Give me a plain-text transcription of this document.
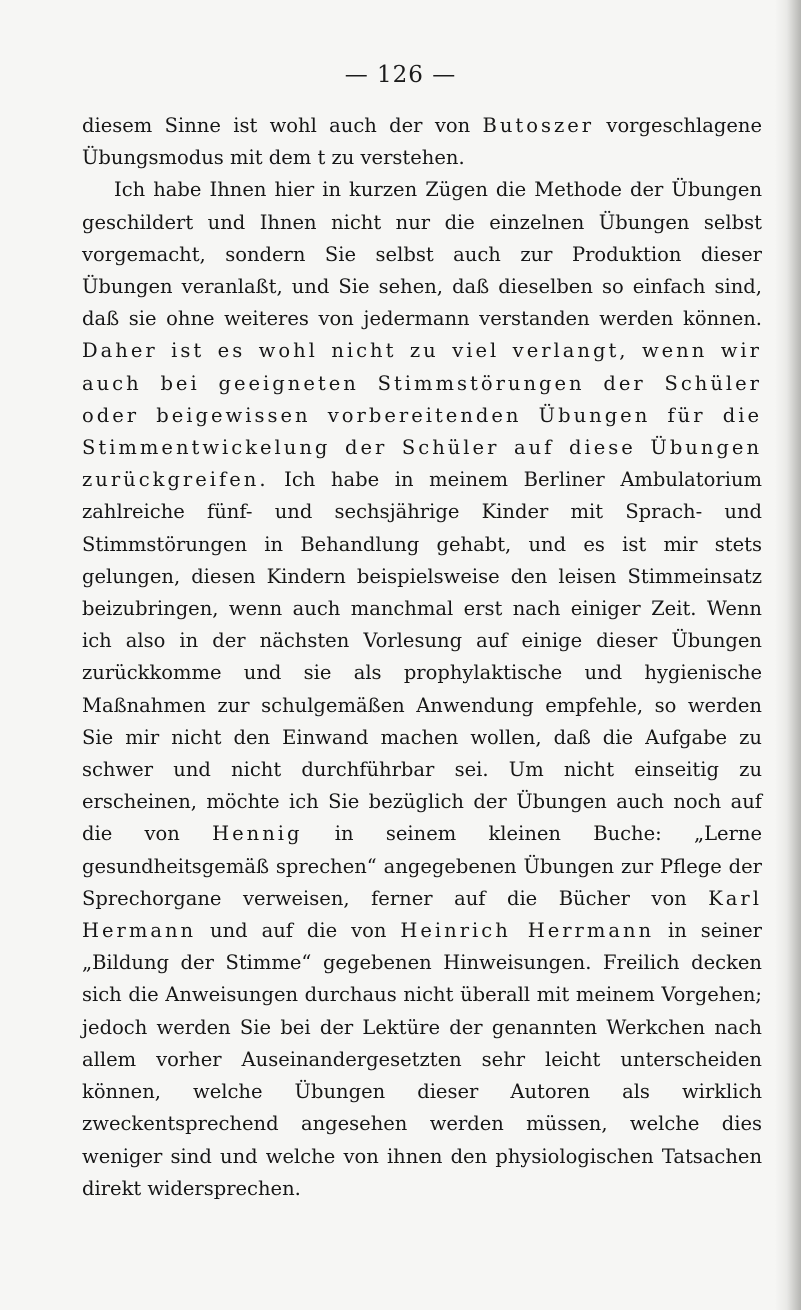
— 126 —

diesem Sinne ist wohl auch der von Butoszer vorgeschlagene Übungsmodus mit dem t zu verstehen.

Ich habe Ihnen hier in kurzen Zügen die Methode der Übungen geschildert und Ihnen nicht nur die einzelnen Übungen selbst vorgemacht, sondern Sie selbst auch zur Produktion dieser Übungen veranlaßt, und Sie sehen, daß dieselben so einfach sind, daß sie ohne weiteres von jedermann verstanden werden können. Daher ist es wohl nicht zu viel verlangt, wenn wir auch bei geeigneten Stimmstörungen der Schüler oder beigewissen vorbereitenden Übungen für die Stimmentwickelung der Schüler auf diese Übungen zurückgreifen. Ich habe in meinem Berliner Ambulatorium zahlreiche fünf- und sechsjährige Kinder mit Sprach- und Stimmstörungen in Behandlung gehabt, und es ist mir stets gelungen, diesen Kindern beispielsweise den leisen Stimmeinsatz beizubringen, wenn auch manchmal erst nach einiger Zeit. Wenn ich also in der nächsten Vorlesung auf einige dieser Übungen zurückkomme und sie als prophylaktische und hygienische Maßnahmen zur schulgemäßen Anwendung empfehle, so werden Sie mir nicht den Einwand machen wollen, daß die Aufgabe zu schwer und nicht durchführbar sei. Um nicht einseitig zu erscheinen, möchte ich Sie bezüglich der Übungen auch noch auf die von Hennig in seinem kleinen Buche: „Lerne gesundheitsgemäß sprechen“ angegebenen Übungen zur Pflege der Sprechorgane verweisen, ferner auf die Bücher von Karl Hermann und auf die von Heinrich Herrmann in seiner „Bildung der Stimme“ gegebenen Hinweisungen. Freilich decken sich die Anweisungen durchaus nicht überall mit meinem Vorgehen; jedoch werden Sie bei der Lektüre der genannten Werkchen nach allem vorher Auseinandergesetzten sehr leicht unterscheiden können, welche Übungen dieser Autoren als wirklich zweckentsprechend angesehen werden müssen, welche dies weniger sind und welche von ihnen den physiologischen Tatsachen direkt widersprechen.
